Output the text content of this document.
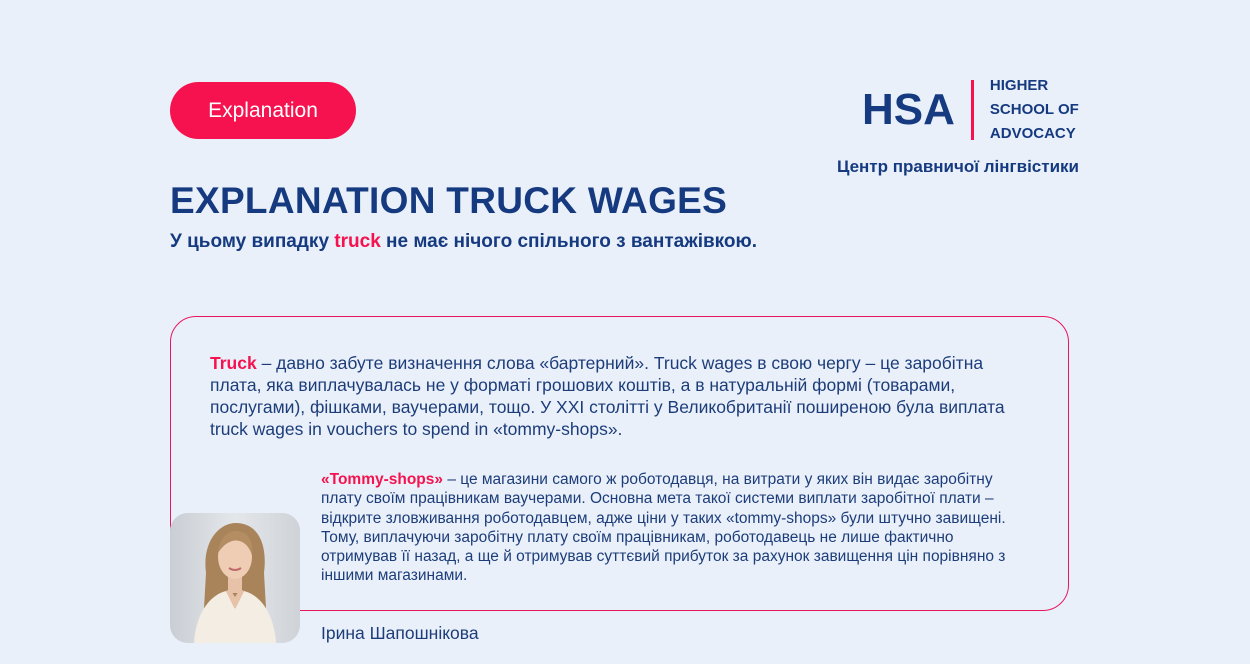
Explanation	HSA HIGHER
SCHOOL OF
ADVOCACY
Центр правничої лінгвістики
EXPLANATION TRUCK WAGES
У цьому випадку truck не має нічого спільного з вантажівкою.
Truck – давно забуте визначення слова «бартерний». Truck wages в свою чергу – це заробітна плата, яка виплачувалась не у форматі грошових коштів, а в натуральній формі (товарами, послугами), фішками, ваучерами, тощо. У XXI столітті у Великобританії поширеною була виплата truck wages in vouchers to spend in «tommy-shops».
«Tommy-shops» – це магазини самого ж роботодавця, на витрати у яких він видає заробітну плату своїм працівникам ваучерами. Основна мета такої системи виплати заробітної плати – відкрите зловживання роботодавцем, адже ціни у таких «tommy-shops» були штучно завищені. Тому, виплачуючи заробітну плату своїм працівникам, роботодавець не лише фактично отримував її назад, а ще й отримував суттєвий прибуток за рахунок завищення цін порівняно з іншими магазинами.
Ірина Шапошнікова
